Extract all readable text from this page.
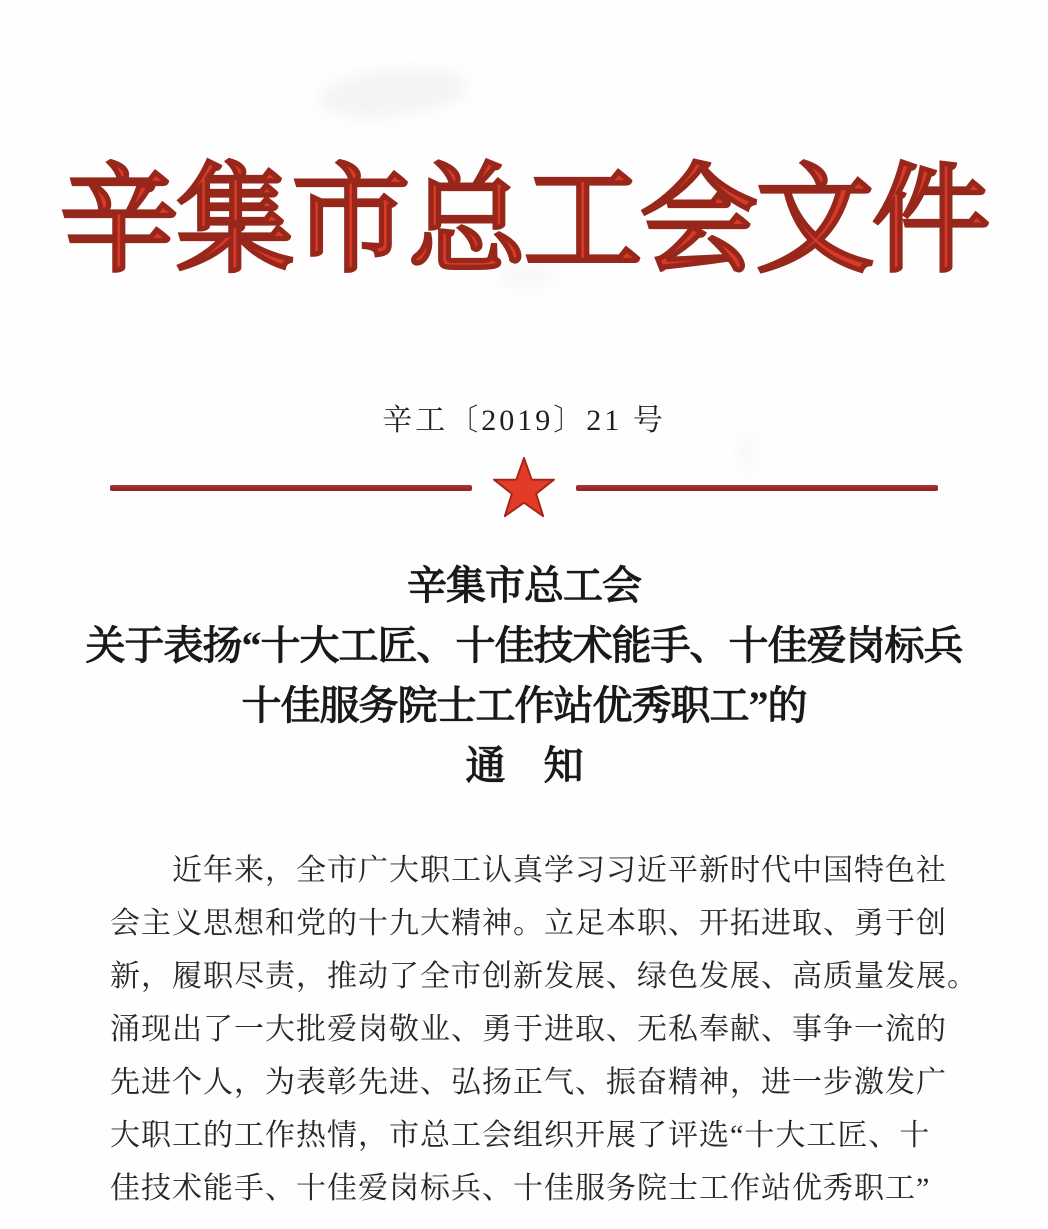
辛集市总工会文件
辛工〔2019〕21 号
辛集市总工会
关于表扬“十大工匠、十佳技术能手、十佳爱岗标兵
十佳服务院士工作站优秀职工”的
通　知

近年来，全市广大职工认真学习习近平新时代中国特色社

会主义思想和党的十九大精神。立足本职、开拓进取、勇于创

新，履职尽责，推动了全市创新发展、绿色发展、高质量发展。

涌现出了一大批爱岗敬业、勇于进取、无私奉献、事争一流的

先进个人，为表彰先进、弘扬正气、振奋精神，进一步激发广

大职工的工作热情，市总工会组织开展了评选“十大工匠、十

佳技术能手、十佳爱岗标兵、十佳服务院士工作站优秀职工”
